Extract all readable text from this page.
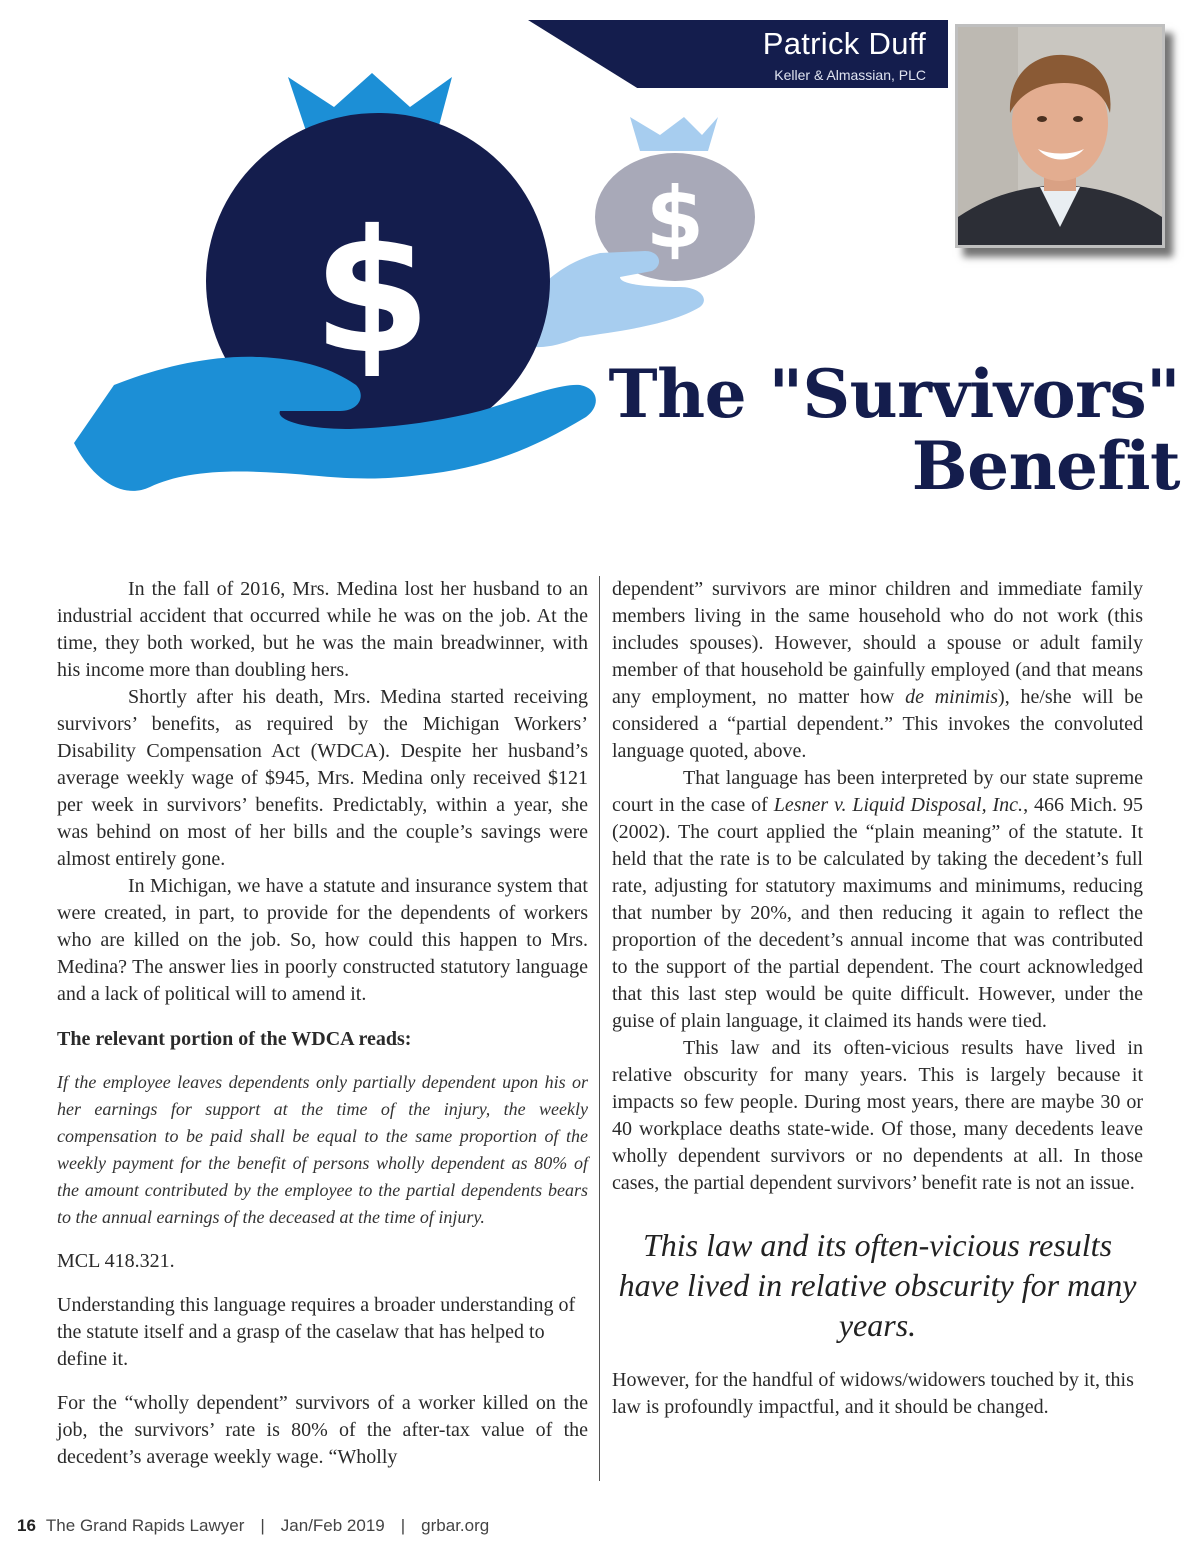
$
$
Patrick Duff
Keller & Almassian, PLC
The "Survivors"
Benefit

In the fall of 2016, Mrs. Medina lost her husband to an industrial accident that occurred while he was on the job. At the time, they both worked, but he was the main breadwinner, with his income more than doubling hers.

Shortly after his death, Mrs. Medina started receiving survivors’ benefits, as required by the Michigan Workers’ Disability Compensation Act (WDCA). Despite her husband’s average weekly wage of $945, Mrs. Medina only received $121 per week in survivors’ benefits. Predictably, within a year, she was behind on most of her bills and the couple’s savings were almost entirely gone.

In Michigan, we have a statute and insurance system that were created, in part, to provide for the dependents of workers who are killed on the job. So, how could this happen to Mrs. Medina? The answer lies in poorly constructed statutory language and a lack of political will to amend it.

The relevant portion of the WDCA reads:

If the employee leaves dependents only partially dependent upon his or her earnings for support at the time of the injury, the weekly compensation to be paid shall be equal to the same proportion of the weekly payment for the benefit of persons wholly dependent as 80% of the amount contributed by the employee to the partial dependents bears to the annual earnings of the deceased at the time of injury.

MCL 418.321.

Understanding this language requires a broader understanding of the statute itself and a grasp of the caselaw that has helped to define it.

For the “wholly dependent” survivors of a worker killed on the job, the survivors’ rate is 80% of the after-tax value of the decedent’s average weekly wage. “Wholly

dependent” survivors are minor children and immediate family members living in the same household who do not work (this includes spouses). However, should a spouse or adult family member of that household be gainfully employed (and that means any employment, no matter how de minimis), he/she will be considered a “partial dependent.” This invokes the convoluted language quoted, above.

That language has been interpreted by our state supreme court in the case of Lesner v. Liquid Disposal, Inc., 466 Mich. 95 (2002). The court applied the “plain meaning” of the statute. It held that the rate is to be calculated by taking the decedent’s full rate, adjusting for statutory maximums and minimums, reducing that number by 20%, and then reducing it again to reflect the proportion of the decedent’s annual income that was contributed to the support of the partial dependent. The court acknowledged that this last step would be quite difficult. However, under the guise of plain language, it claimed its hands were tied.

This law and its often-vicious results have lived in relative obscurity for many years. This is largely because it impacts so few people. During most years, there are maybe 30 or 40 workplace deaths state-wide. Of those, many decedents leave wholly dependent survivors or no dependents at all. In those cases, the partial dependent survivors’ benefit rate is not an issue.

This law and its often-vicious results have lived in relative obscurity for many years.

However, for the handful of widows/widowers touched by it, this law is profoundly impactful, and it should be changed.

16 The Grand Rapids Lawyer | Jan/Feb 2019 | grbar.org
